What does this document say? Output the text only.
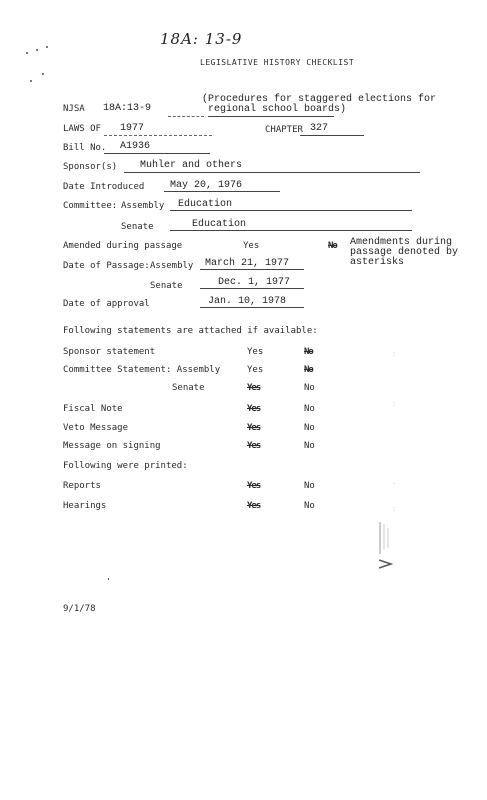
18A: 13-9
LEGISLATIVE HISTORY CHECKLIST
NJSA 18A:13-9
(Procedures for staggered elections for
regional school boards)
LAWS OF 1977	CHAPTER 327
Bill No. A1936
Sponsor(s) Muhler and others
Date Introduced	May 20, 1976
Committee: Assembly Education
Senate	Education
Amended during passage	Yes	No Amendments during
passage denoted by
asterisks
Date of Passage: Assembly March 21, 1977
Senate	Dec. 1, 1977
Date of approval	Jan. 10, 1978
Following statements are attached if available:
Sponsor statement	Yes	No
Committee Statement: Assembly	Yes	No
Senate	Yes	No
Fiscal Note	Yes	No
Veto Message	Yes	No
Message on signing	Yes	No
Following were printed:
Reports	Yes	No
Hearings	Yes	No
:
:
·
:
9/1/78
